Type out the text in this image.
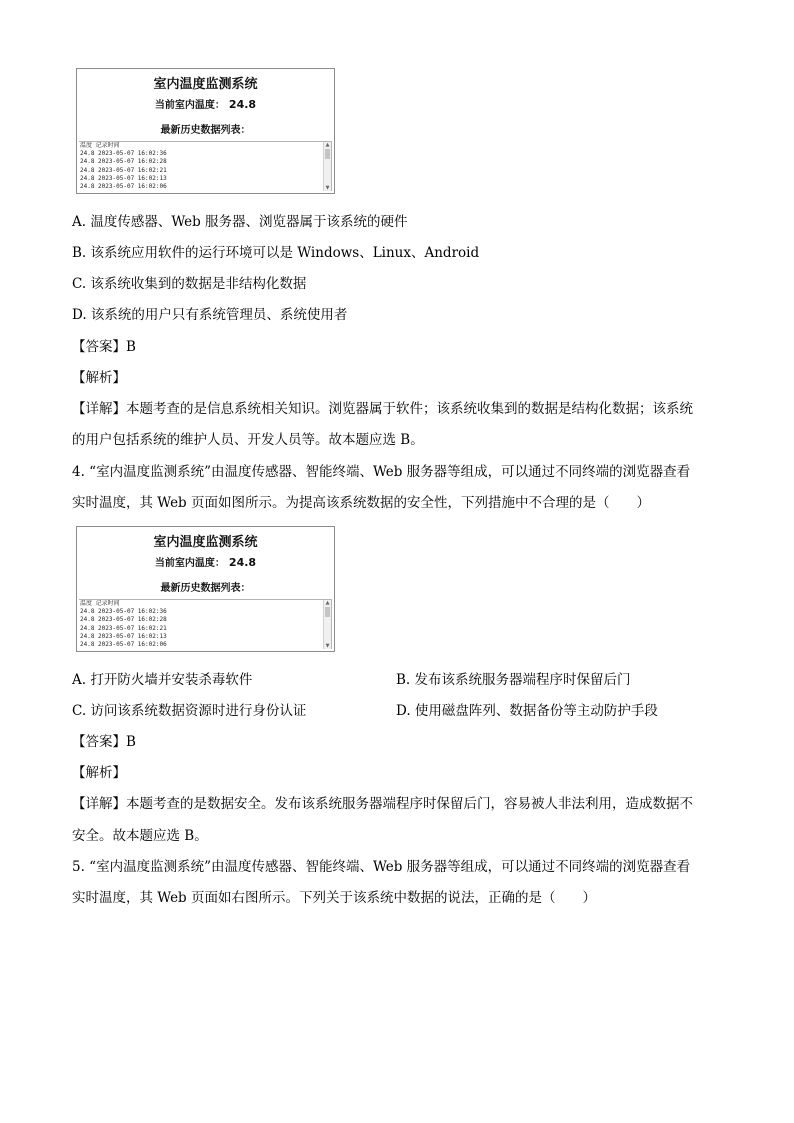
室内温度监测系统
当前室内温度： 24.8
最新历史数据列表：
温度 记录时间
24.8 2023-05-07 16:02:36
24.8 2023-05-07 16:02:28
24.8 2023-05-07 16:02:21
24.8 2023-05-07 16:02:13
24.8 2023-05-07 16:02:06
▲
▼
A. 温度传感器、Web 服务器、浏览器属于该系统的硬件
B. 该系统应用软件的运行环境可以是 Windows、Linux、Android
C. 该系统收集到的数据是非结构化数据
D. 该系统的用户只有系统管理员、系统使用者
【答案】B
【解析】
【详解】本题考查的是信息系统相关知识。浏览器属于软件；该系统收集到的数据是结构化数据；该系统
的用户包括系统的维护人员、开发人员等。故本题应选 B。
4. “室内温度监测系统”由温度传感器、智能终端、Web 服务器等组成，可以通过不同终端的浏览器查看
实时温度，其 Web 页面如图所示。为提高该系统数据的安全性，下列措施中不合理的是（　　）
室内温度监测系统
当前室内温度： 24.8
最新历史数据列表：
温度 记录时间
24.8 2023-05-07 16:02:36
24.8 2023-05-07 16:02:28
24.8 2023-05-07 16:02:21
24.8 2023-05-07 16:02:13
24.8 2023-05-07 16:02:06
▲
▼
A. 打开防火墙并安装杀毒软件	B. 发布该系统服务器端程序时保留后门
C. 访问该系统数据资源时进行身份认证	D. 使用磁盘阵列、数据备份等主动防护手段
【答案】B
【解析】
【详解】本题考查的是数据安全。发布该系统服务器端程序时保留后门，容易被人非法利用，造成数据不
安全。故本题应选 B。
5. “室内温度监测系统”由温度传感器、智能终端、Web 服务器等组成，可以通过不同终端的浏览器查看
实时温度，其 Web 页面如右图所示。下列关于该系统中数据的说法，正确的是（　　）
